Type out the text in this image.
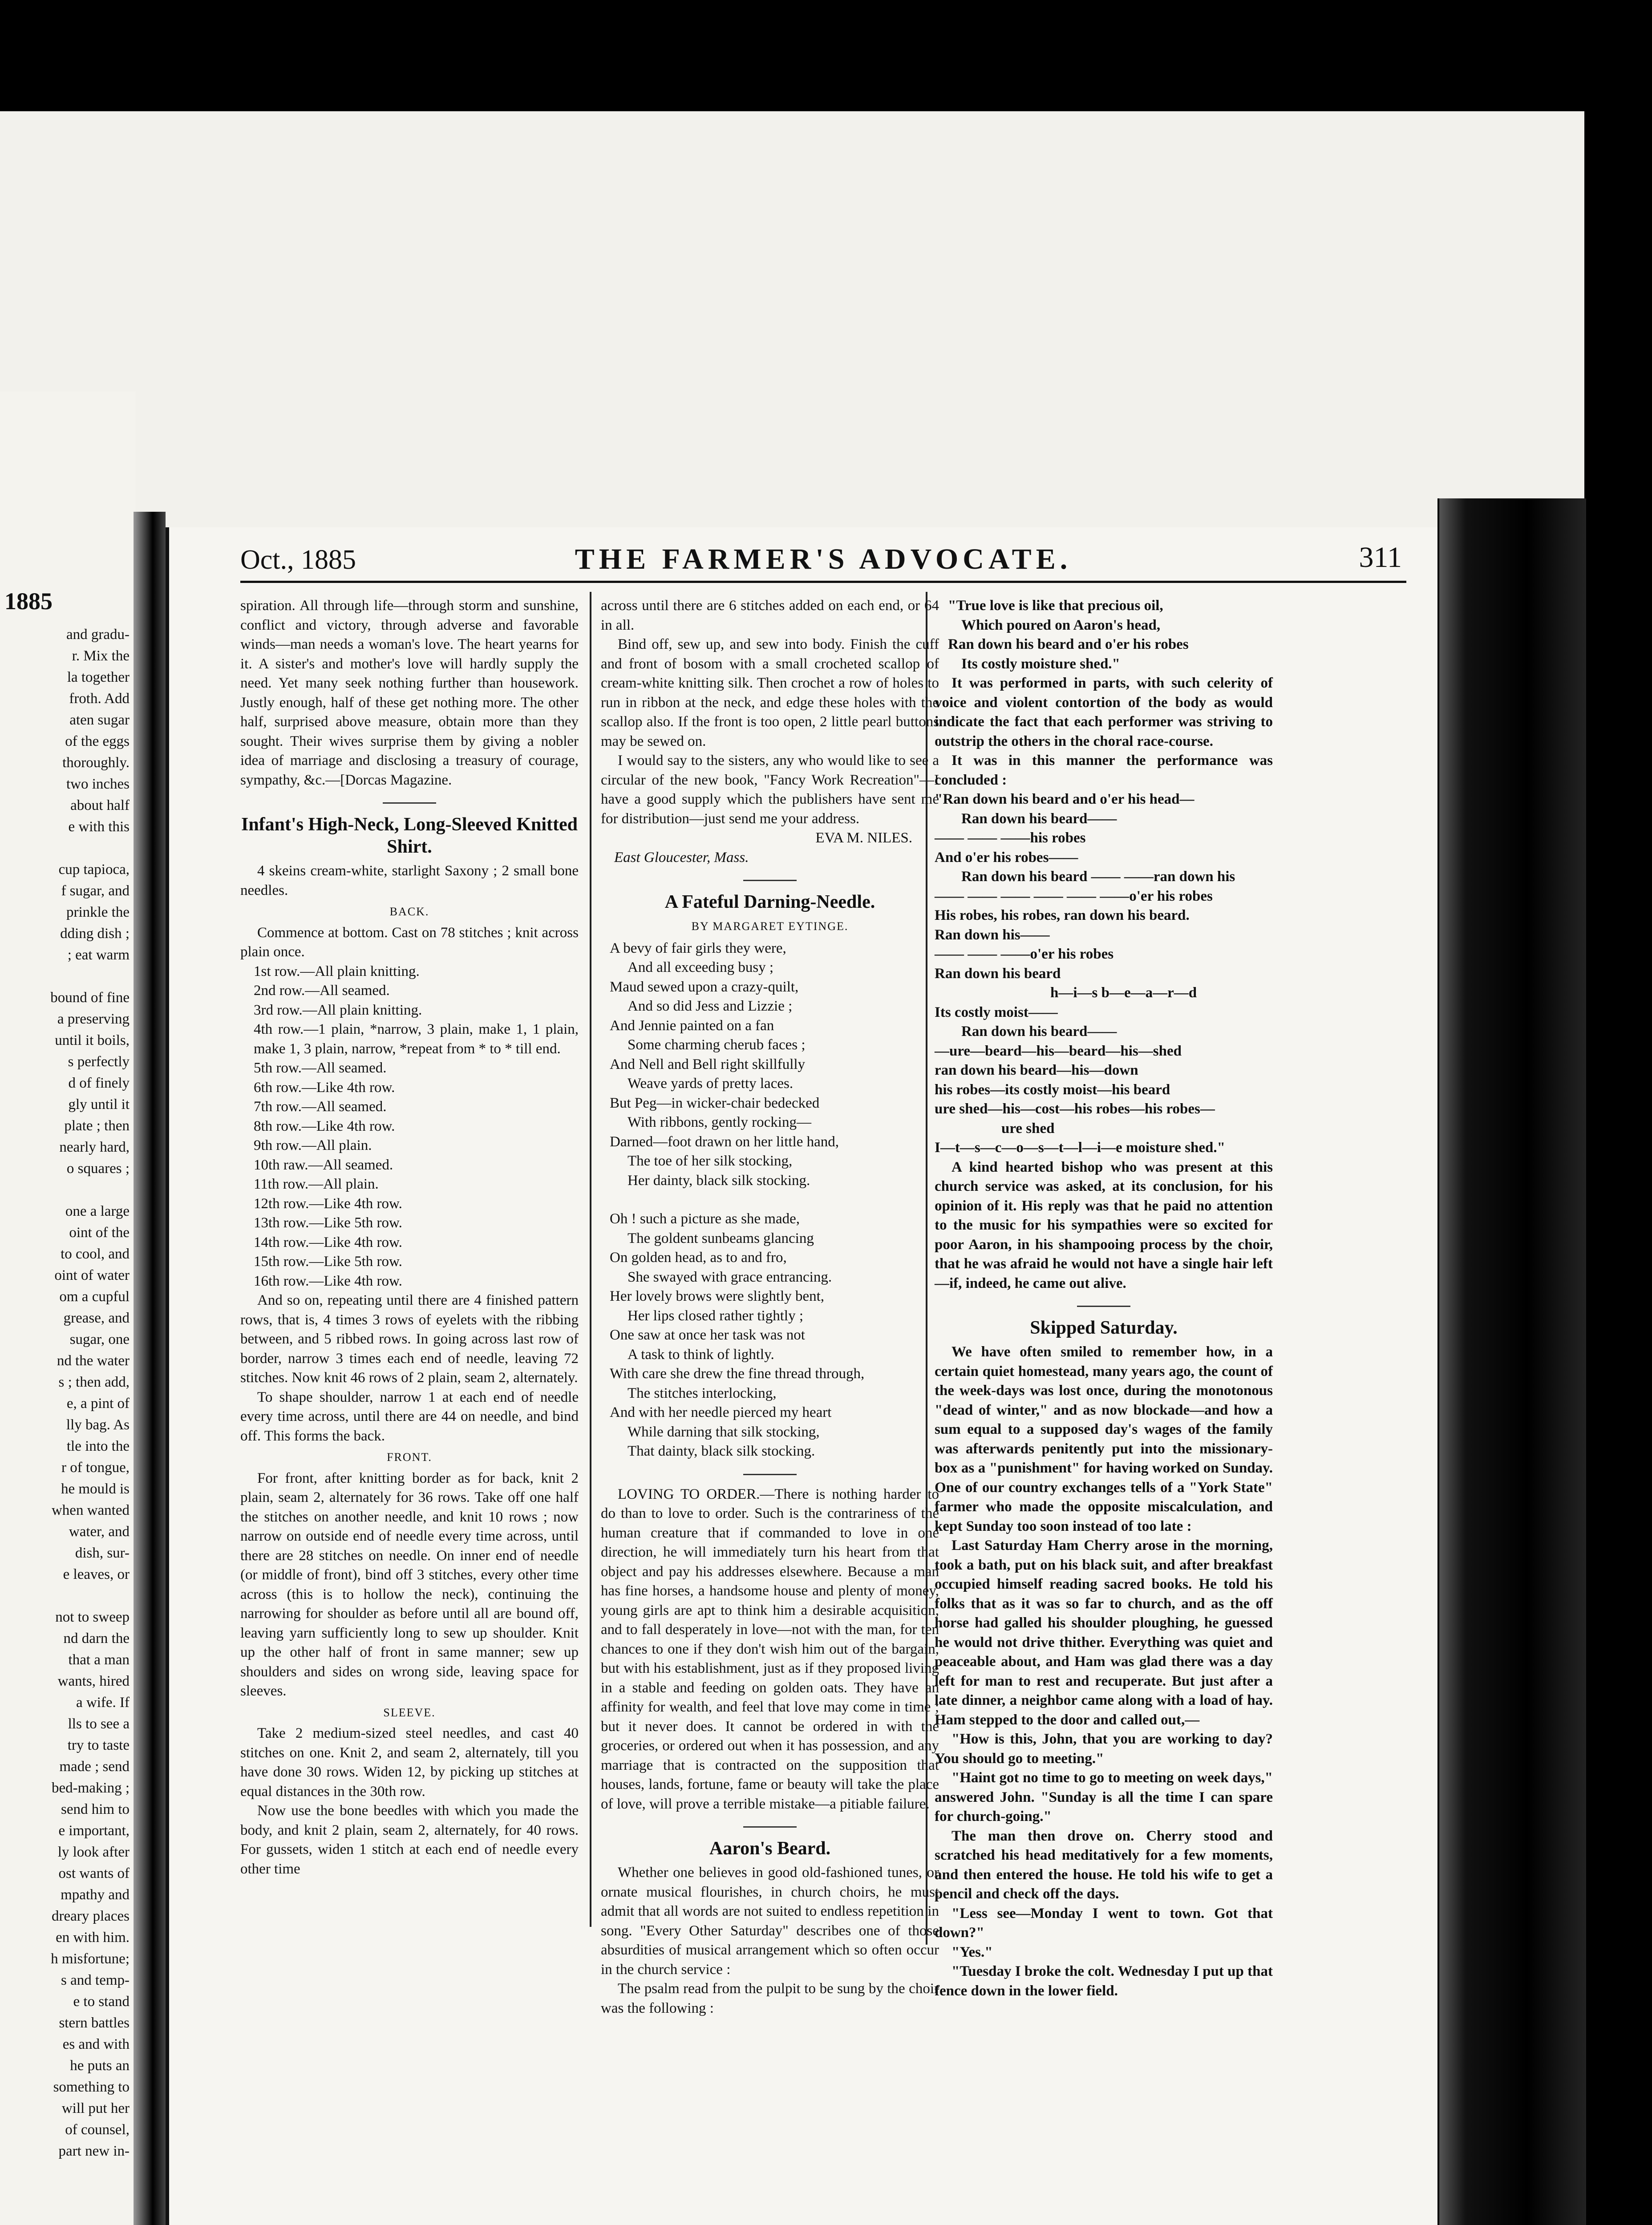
1885
and gradu-
r. Mix the
la together
froth. Add
aten sugar
of the eggs
thoroughly.
two inches
about half
e with this
cup tapioca,
f sugar, and
prinkle the
dding dish ;
; eat warm
bound of fine
a preserving
until it boils,
s perfectly
d of finely
gly until it
plate ; then
nearly hard,
o squares ;
one a large
oint of the
to cool, and
oint of water
om a cupful
grease, and
sugar, one
nd the water
s ; then add,
e, a pint of
lly bag. As
tle into the
r of tongue,
he mould is
when wanted
water, and
dish, sur-
e leaves, or
not to sweep
nd darn the
that a man
wants, hired
a wife. If
lls to see a
try to taste
made ; send
bed-making ;
send him to
e important,
ly look after
ost wants of
mpathy and
dreary places
en with him.
h misfortune;
s and temp-
e to stand
stern battles
es and with
he puts an
something to
will put her
of counsel,
part new in-
Oct., 1885	THE FARMER'S ADVOCATE.	311

spiration. All through life—through storm and sunshine, conflict and victory, through adverse and favorable winds—man needs a woman's love. The heart yearns for it. A sister's and mother's love will hardly supply the need. Yet many seek nothing further than housework. Justly enough, half of these get nothing more. The other half, surprised above measure, obtain more than they sought. Their wives surprise them by giving a nobler idea of marriage and disclosing a treasury of courage, sympathy, &c.—[Dorcas Magazine.

Infant's High-Neck, Long-Sleeved Knitted Shirt.

4 skeins cream-white, starlight Saxony ; 2 small bone needles.

BACK.

Commence at bottom. Cast on 78 stitches ; knit across plain once.

1st row.—All plain knitting.
2nd row.—All seamed.
3rd row.—All plain knitting.
4th row.—1 plain, *narrow, 3 plain, make 1, 1 plain, make 1, 3 plain, narrow, *repeat from * to * till end.
5th row.—All seamed.
6th row.—Like 4th row.
7th row.—All seamed.
8th row.—Like 4th row.
9th row.—All plain.
10th raw.—All seamed.
11th row.—All plain.
12th row.—Like 4th row.
13th row.—Like 5th row.
14th row.—Like 4th row.
15th row.—Like 5th row.
16th row.—Like 4th row.

And so on, repeating until there are 4 finished pattern rows, that is, 4 times 3 rows of eyelets with the ribbing between, and 5 ribbed rows. In going across last row of border, narrow 3 times each end of needle, leaving 72 stitches. Now knit 46 rows of 2 plain, seam 2, alternately.

To shape shoulder, narrow 1 at each end of needle every time across, until there are 44 on needle, and bind off. This forms the back.

FRONT.

For front, after knitting border as for back, knit 2 plain, seam 2, alternately for 36 rows. Take off one half the stitches on another needle, and knit 10 rows ; now narrow on outside end of needle every time across, until there are 28 stitches on needle. On inner end of needle (or middle of front), bind off 3 stitches, every other time across (this is to hollow the neck), continuing the narrowing for shoulder as before until all are bound off, leaving yarn sufficiently long to sew up shoulder. Knit up the other half of front in same manner; sew up shoulders and sides on wrong side, leaving space for sleeves.

SLEEVE.

Take 2 medium-sized steel needles, and cast 40 stitches on one. Knit 2, and seam 2, alternately, till you have done 30 rows. Widen 12, by picking up stitches at equal distances in the 30th row.

Now use the bone beedles with which you made the body, and knit 2 plain, seam 2, alternately, for 40 rows. For gussets, widen 1 stitch at each end of needle every other time

across until there are 6 stitches added on each end, or 64 in all.

Bind off, sew up, and sew into body. Finish the cuff and front of bosom with a small crocheted scallop of cream-white knitting silk. Then crochet a row of holes to run in ribbon at the neck, and edge these holes with the scallop also. If the front is too open, 2 little pearl buttons may be sewed on.

I would say to the sisters, any who would like to see a circular of the new book, "Fancy Work Recreation"—I have a good supply which the publishers have sent me for distribution—just send me your address.

EVA M. NILES.
East Gloucester, Mass.
A Fateful Darning-Needle.
BY MARGARET EYTINGE.
A bevy of fair girls they were,
And all exceeding busy ;
Maud sewed upon a crazy-quilt,
And so did Jess and Lizzie ;
And Jennie painted on a fan
Some charming cherub faces ;
And Nell and Bell right skillfully
Weave yards of pretty laces.
But Peg—in wicker-chair bedecked
With ribbons, gently rocking—
Darned—foot drawn on her little hand,
The toe of her silk stocking,
Her dainty, black silk stocking.
Oh ! such a picture as she made,
The goldent sunbeams glancing
On golden head, as to and fro,
She swayed with grace entrancing.
Her lovely brows were slightly bent,
Her lips closed rather tightly ;
One saw at once her task was not
A task to think of lightly.
With care she drew the fine thread through,
The stitches interlocking,
And with her needle pierced my heart
While darning that silk stocking,
That dainty, black silk stocking.

LOVING TO ORDER.—There is nothing harder to do than to love to order. Such is the contrariness of the human creature that if commanded to love in one direction, he will immediately turn his heart from that object and pay his addresses elsewhere. Because a man has fine horses, a handsome house and plenty of money, young girls are apt to think him a desirable acquisition, and to fall desperately in love—not with the man, for ten chances to one if they don't wish him out of the bargain, but with his establishment, just as if they proposed living in a stable and feeding on golden oats. They have an affinity for wealth, and feel that love may come in time ; but it never does. It cannot be ordered in with the groceries, or ordered out when it has possession, and any marriage that is contracted on the supposition that houses, lands, fortune, fame or beauty will take the place of love, will prove a terrible mistake—a pitiable failure.

Aaron's Beard.

Whether one believes in good old-fashioned tunes, or ornate musical flourishes, in church choirs, he must admit that all words are not suited to endless repetition in song. "Every Other Saturday" describes one of those absurdities of musical arrangement which so often occur in the church service :

The psalm read from the pulpit to be sung by the choir was the following :

"True love is like that precious oil,
Which poured on Aaron's head,
Ran down his beard and o'er his robes
Its costly moisture shed."

It was performed in parts, with such celerity of voice and violent contortion of the body as would indicate the fact that each performer was striving to outstrip the others in the choral race-course.

It was in this manner the performance was concluded :

"Ran down his beard and o'er his head—
Ran down his beard——
—— —— ——his robes
And o'er his robes——
Ran down his beard —— ——ran down his
—— —— —— —— —— ——o'er his robes
His robes, his robes, ran down his beard.
Ran down his——
—— —— ——o'er his robes
Ran down his beard
h—i—s b—e—a—r—d
Its costly moist——
Ran down his beard——
—ure—beard—his—beard—his—shed
ran down his beard—his—down
his robes—its costly moist—his beard
ure shed—his—cost—his robes—his robes—
ure shed
I—t—s—c—o—s—t—l—i—e moisture shed."

A kind hearted bishop who was present at this church service was asked, at its conclusion, for his opinion of it. His reply was that he paid no attention to the music for his sympathies were so excited for poor Aaron, in his shampooing process by the choir, that he was afraid he would not have a single hair left—if, indeed, he came out alive.

Skipped Saturday.

We have often smiled to remember how, in a certain quiet homestead, many years ago, the count of the week-days was lost once, during the monotonous "dead of winter," and as now blockade—and how a sum equal to a supposed day's wages of the family was afterwards penitently put into the missionary-box as a "punishment" for having worked on Sunday. One of our country exchanges tells of a "York State" farmer who made the opposite miscalculation, and kept Sunday too soon instead of too late :

Last Saturday Ham Cherry arose in the morning, took a bath, put on his black suit, and after breakfast occupied himself reading sacred books. He told his folks that as it was so far to church, and as the off horse had galled his shoulder ploughing, he guessed he would not drive thither. Everything was quiet and peaceable about, and Ham was glad there was a day left for man to rest and recuperate. But just after a late dinner, a neighbor came along with a load of hay. Ham stepped to the door and called out,—

"How is this, John, that you are working to day? You should go to meeting."

"Haint got no time to go to meeting on week days," answered John. "Sunday is all the time I can spare for church-going."

The man then drove on. Cherry stood and scratched his head meditatively for a few moments, and then entered the house. He told his wife to get a pencil and check off the days.

"Less see—Monday I went to town. Got that down?"

"Yes."

"Tuesday I broke the colt. Wednesday I put up that fence down in the lower field.
